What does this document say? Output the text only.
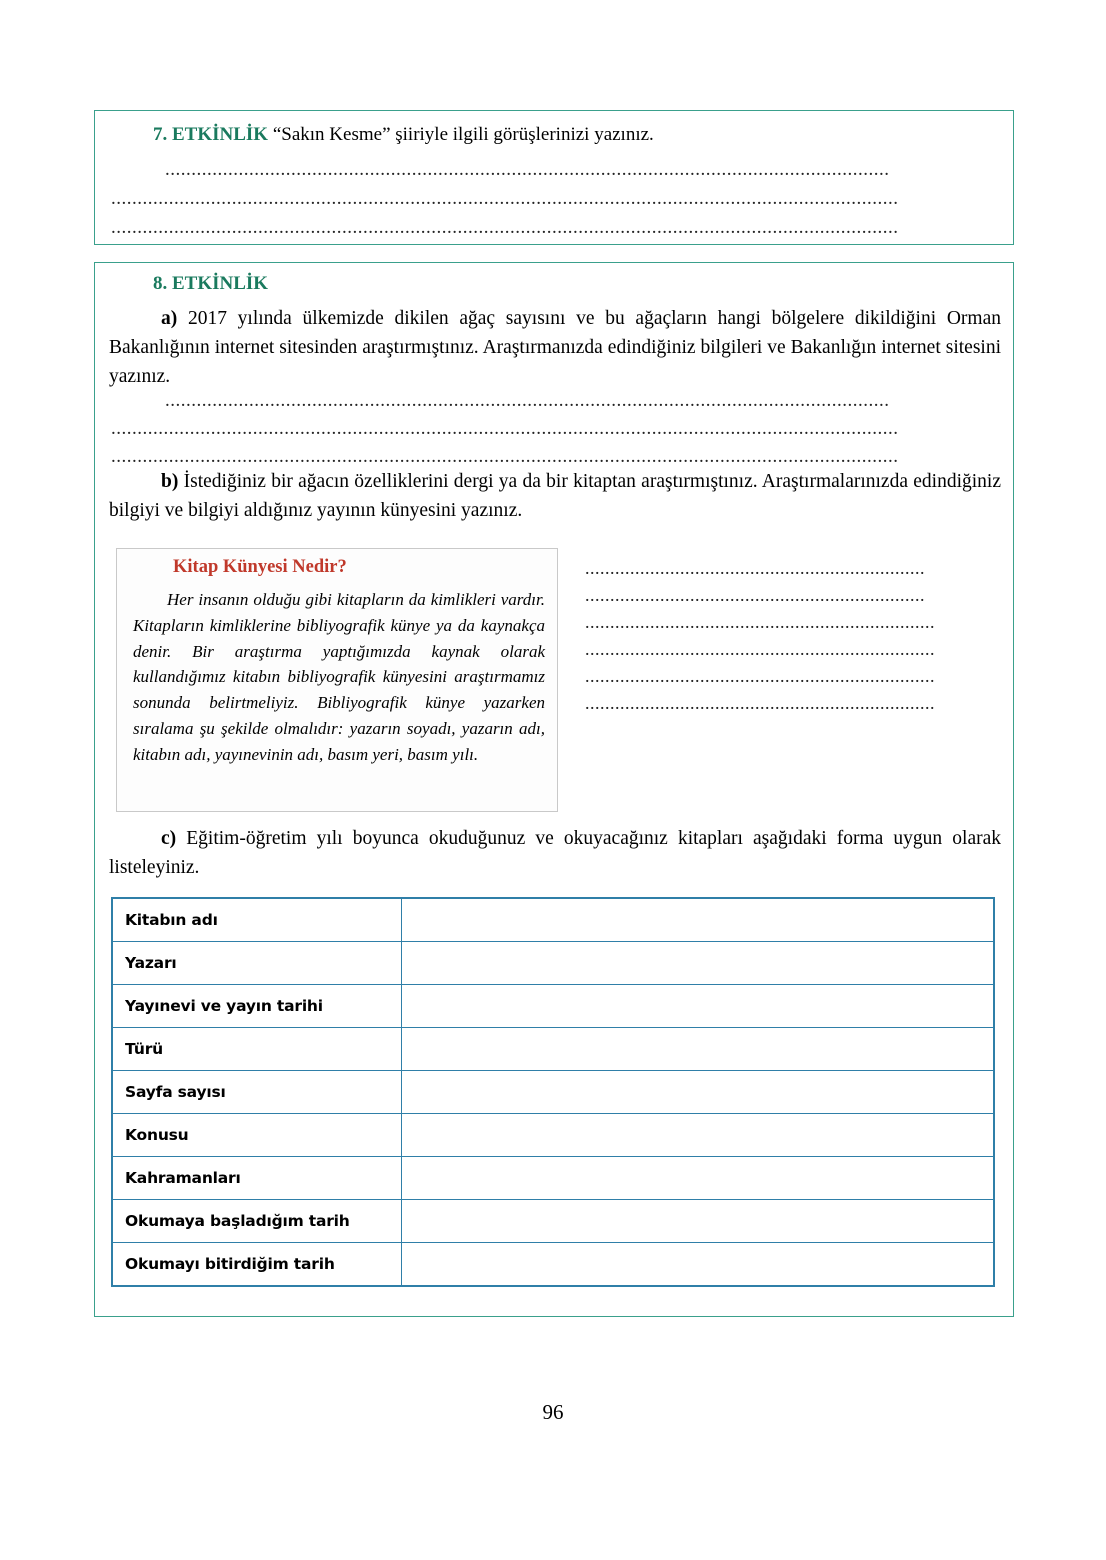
7. ETKİNLİK “Sakın Kesme” şiiriyle ilgili görüşlerinizi yazınız.
..........................................................................................................................................
......................................................................................................................................................
......................................................................................................................................................
8. ETKİNLİK
a) 2017 yılında ülkemizde dikilen ağaç sayısını ve bu ağaçların hangi bölgelere dikildiğini Orman Bakanlığının internet sitesinden araştırmıştınız. Araştırmanızda edindiğiniz bilgileri ve Bakanlığın internet sitesini yazınız.
..........................................................................................................................................
......................................................................................................................................................
......................................................................................................................................................
b) İstediğiniz bir ağacın özelliklerini dergi ya da bir kitaptan araştırmıştınız. Araştırmalarınızda edindiğiniz bilgiyi ve bilgiyi aldığınız yayının künyesini yazınız.
Kitap Künyesi Nedir?
Her insanın olduğu gibi kitapların da kimlikleri vardır. Kitapların kimliklerine bibliyografik künye ya da kaynakça denir. Bir araştırma yaptığımızda kaynak olarak kullandığımız kitabın bibliyografik künyesini araştırmamız sonunda belirtmeliyiz. Bibliyografik künye yazarken sıralama şu şekilde olmalıdır: yazarın soyadı, yazarın adı, kitabın adı, yayınevinin adı, basım yeri, basım yılı.
....................................................................
....................................................................
......................................................................
......................................................................
......................................................................
......................................................................
c) Eğitim-öğretim yılı boyunca okuduğunuz ve okuyacağınız kitapları aşağıdaki forma uygun olarak listeleyiniz.
Kitabın adı	
Yazarı	
Yayınevi ve yayın tarihi	
Türü	
Sayfa sayısı	
Konusu	
Kahramanları	
Okumaya başladığım tarih	
Okumayı bitirdiğim tarih	
96
